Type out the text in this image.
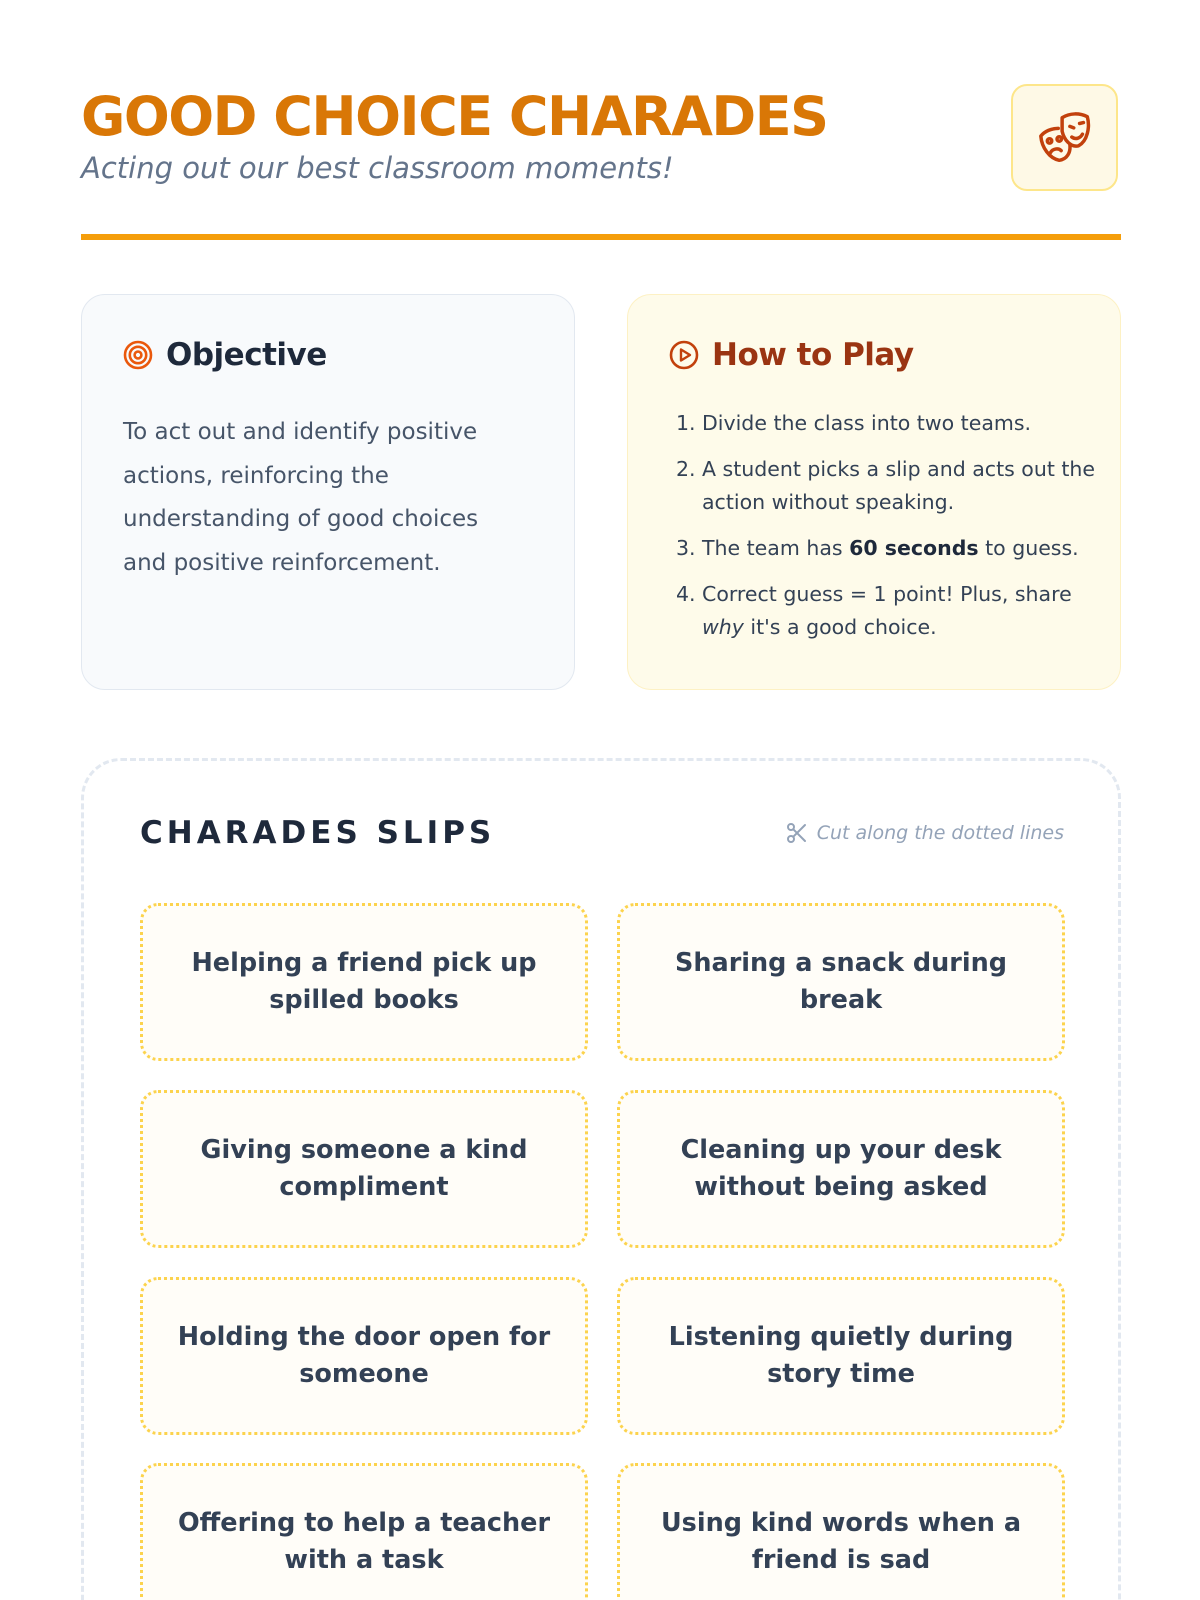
GOOD CHOICE CHARADES

Acting out our best classroom moments!

Objective

To act out and identify positive actions, reinforcing the understanding of good choices and positive reinforcement.

How to Play
1. Divide the class into two teams.
2. A student picks a slip and acts out the action without speaking.
3. The team has 60 seconds to guess.
4. Correct guess = 1 point! Plus, share why it's a good choice.
CHARADES SLIPS	Cut along the dotted lines
Helping a friend pick up spilled books
Sharing a snack during break
Giving someone a kind compliment
Cleaning up your desk without being asked
Holding the door open for someone
Listening quietly during story time
Offering to help a teacher with a task
Using kind words when a friend is sad
